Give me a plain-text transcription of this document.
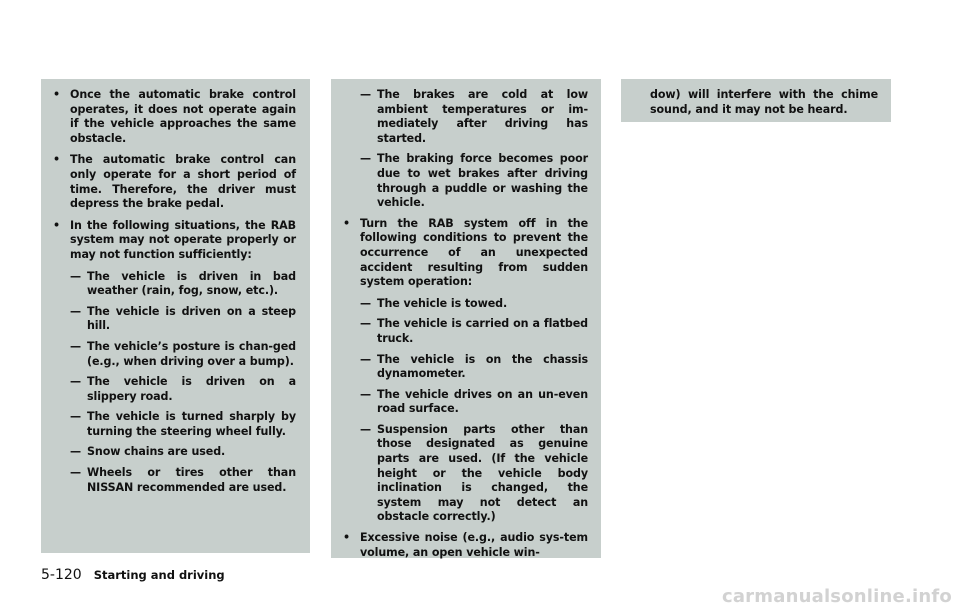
• Once the automatic brake control operates, it does not operate again if the vehicle approaches the same obstacle.
• The automatic brake control can only operate for a short period of time. Therefore, the driver must depress the brake pedal.
• In the following situations, the RAB system may not operate properly or may not function sufficiently:
— The vehicle is driven in bad weather (rain, fog, snow, etc.).
— The vehicle is driven on a steep hill.
— The vehicle’s posture is chan-ged (e.g., when driving over a bump).
— The vehicle is driven on a slippery road.
— The vehicle is turned sharply by turning the steering wheel fully.
— Snow chains are used.
— Wheels or tires other than NISSAN recommended are used.
— The brakes are cold at low ambient temperatures or im-mediately after driving has started.
— The braking force becomes poor due to wet brakes after driving through a puddle or washing the vehicle.
• Turn the RAB system off in the following conditions to prevent the occurrence of an unexpected accident resulting from sudden system operation:
— The vehicle is towed.
— The vehicle is carried on a flatbed truck.
— The vehicle is on the chassis dynamometer.
— The vehicle drives on an un-even road surface.
— Suspension parts other than those designated as genuine parts are used. (If the vehicle height or the vehicle body inclination is changed, the system may not detect an obstacle correctly.)
• Excessive noise (e.g., audio sys-tem volume, an open vehicle win-
dow) will interfere with the chime sound, and it may not be heard.
5-120 Starting and driving
carmanualsonline.info
